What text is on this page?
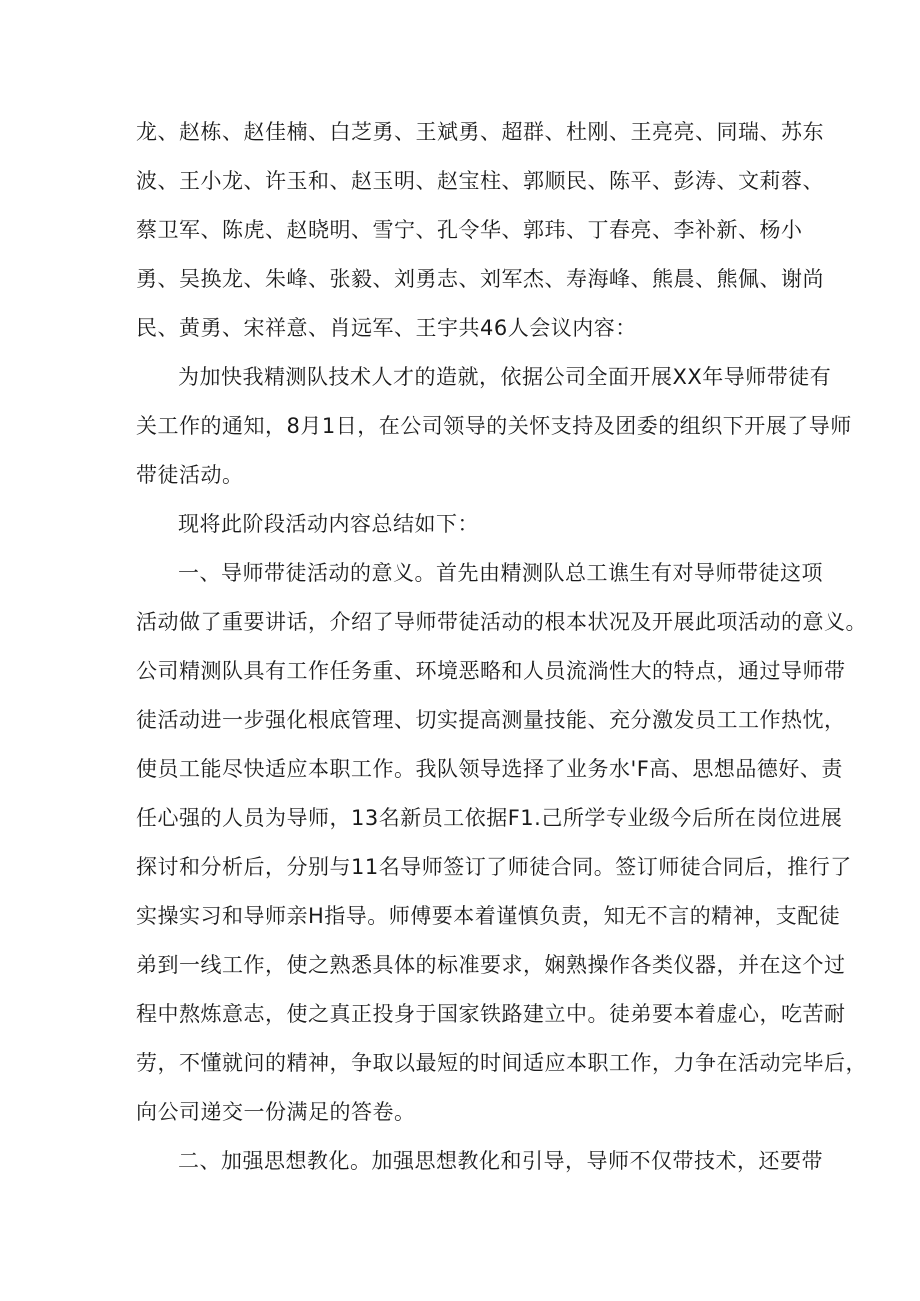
龙、赵栋、赵佳楠、白芝勇、王斌勇、超群、杜刚、王亮亮、同瑞、苏东
波、王小龙、许玉和、赵玉明、赵宝柱、郭顺民、陈平、彭涛、文莉蓉、
蔡卫军、陈虎、赵晓明、雪宁、孔令华、郭玮、丁春亮、李补新、杨小
勇、吴换龙、朱峰、张毅、刘勇志、刘军杰、寿海峰、熊晨、熊佩、谢尚
民、黄勇、宋祥意、肖远军、王宇共46人会议内容：
为加快我精测队技术人才的造就，依据公司全面开展XX年导师带徒有
关工作的通知，8月1日，在公司领导的关怀支持及团委的组织下开展了导师
带徒活动。
现将此阶段活动内容总结如下：
一、导师带徒活动的意义。首先由精测队总工谯生有对导师带徒这项
活动做了重要讲话，介绍了导师带徒活动的根本状况及开展此项活动的意义。
公司精测队具有工作任务重、环境恶略和人员流淌性大的特点，通过导师带
徒活动进一步强化根底管理、切实提高测量技能、充分激发员工工作热忱，
使员工能尽快适应本职工作。我队领导选择了业务水'F高、思想品德好、责
任心强的人员为导师，13名新员工依据F1.己所学专业级今后所在岗位进展
探讨和分析后，分别与11名导师签订了师徒合同。签订师徒合同后，推行了
实操实习和导师亲H指导。师傅要本着谨慎负责，知无不言的精神，支配徒
弟到一线工作，使之熟悉具体的标准要求，娴熟操作各类仪器，并在这个过
程中熬炼意志，使之真正投身于国家铁路建立中。徒弟要本着虚心，吃苦耐
劳，不懂就问的精神，争取以最短的时间适应本职工作，力争在活动完毕后，
向公司递交一份满足的答卷。
二、加强思想教化。加强思想教化和引导，导师不仅带技术，还要带
